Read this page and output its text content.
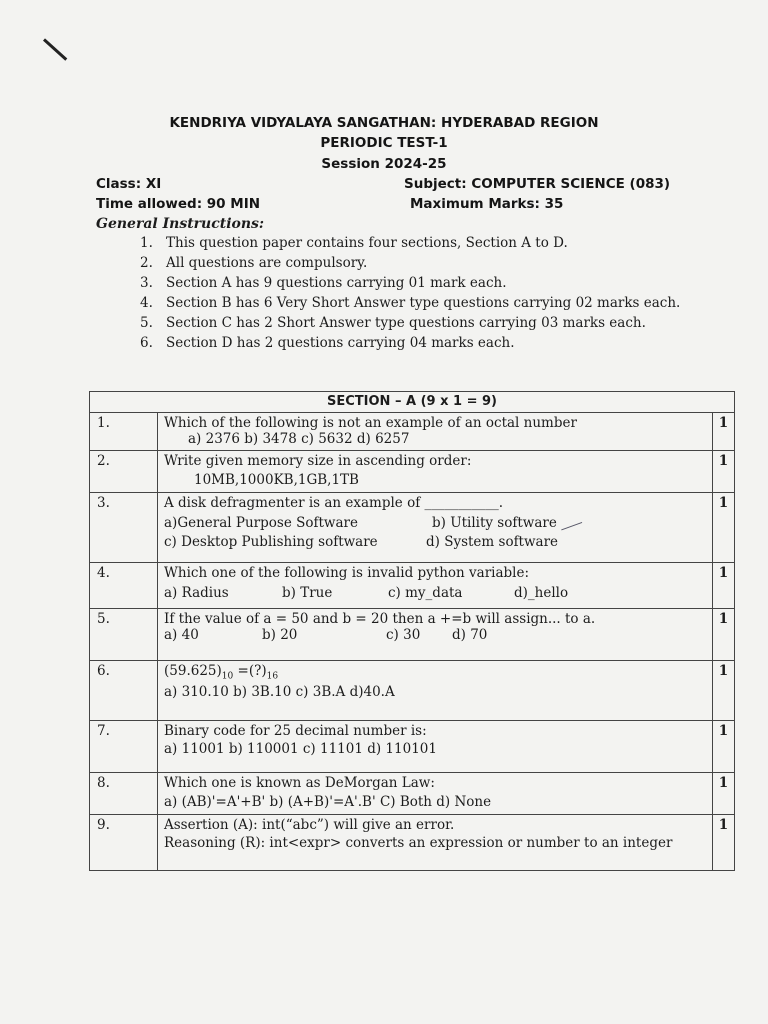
KENDRIYA VIDYALAYA SANGATHAN: HYDERABAD REGION
PERIODIC TEST-1
Session 2024-25
Class: XI	Subject: COMPUTER SCIENCE (083)
Time allowed: 90 MIN	Maximum Marks: 35
General Instructions:
1. This question paper contains four sections, Section A to D.
2. All questions are compulsory.
3. Section A has 9 questions carrying 01 mark each.
4. Section B has 6 Very Short Answer type questions carrying 02 marks each.
5. Section C has 2 Short Answer type questions carrying 03 marks each.
6. Section D has 2 questions carrying 04 marks each.
SECTION – A (9 x 1 = 9)		
1.	Which of the following is not an example of an octal number
a) 2376 b) 3478 c) 5632 d) 6257	1
2.	Write given memory size in ascending order:
10MB,1000KB,1GB,1TB	1
3.	A disk defragmenter is an example of ___________.
a)General Purpose Software b) Utility software
c) Desktop Publishing software d) System software	1
4.	Which one of the following is invalid python variable:
a) Radius b) True c) my_data d)_hello	1
5.	If the value of a = 50 and b = 20 then a +=b will assign... to a.
a) 40 b) 20 c) 30 d) 70	1
6.	$(59.625)_{10}$ $=(?)_{16}$
a) 310.10 b) 3B.10 c) 3B.A d)40.A	1
7.	Binary code for 25 decimal number is:
a) 11001 b) 110001 c) 11101 d) 110101	1
8.	Which one is known as DeMorgan Law:
a) (AB)'=A'+B' b) (A+B)'=A'.B' C) Both d) None	1
9.	Assertion (A): int(“abc”) will give an error.
Reasoning (R): int<expr> converts an expression or number to an integer	1
